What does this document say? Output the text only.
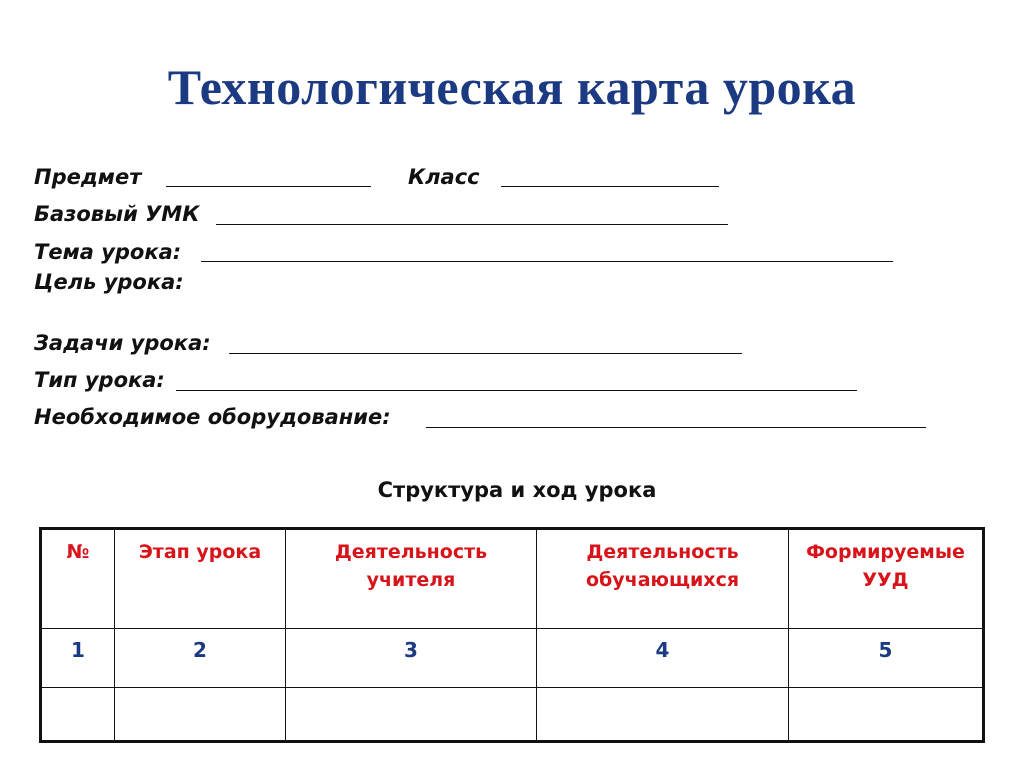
Технологическая карта урока
Предмет	Класс
Базовый УМК
Тема урока:
Цель урока:
Задачи урока:
Тип урока:
Необходимое оборудование:
Структура и ход урока
№	Этап урока	Деятельность учителя	Деятельность обучающихся	Формируемые УУД
1	2	3	4	5
